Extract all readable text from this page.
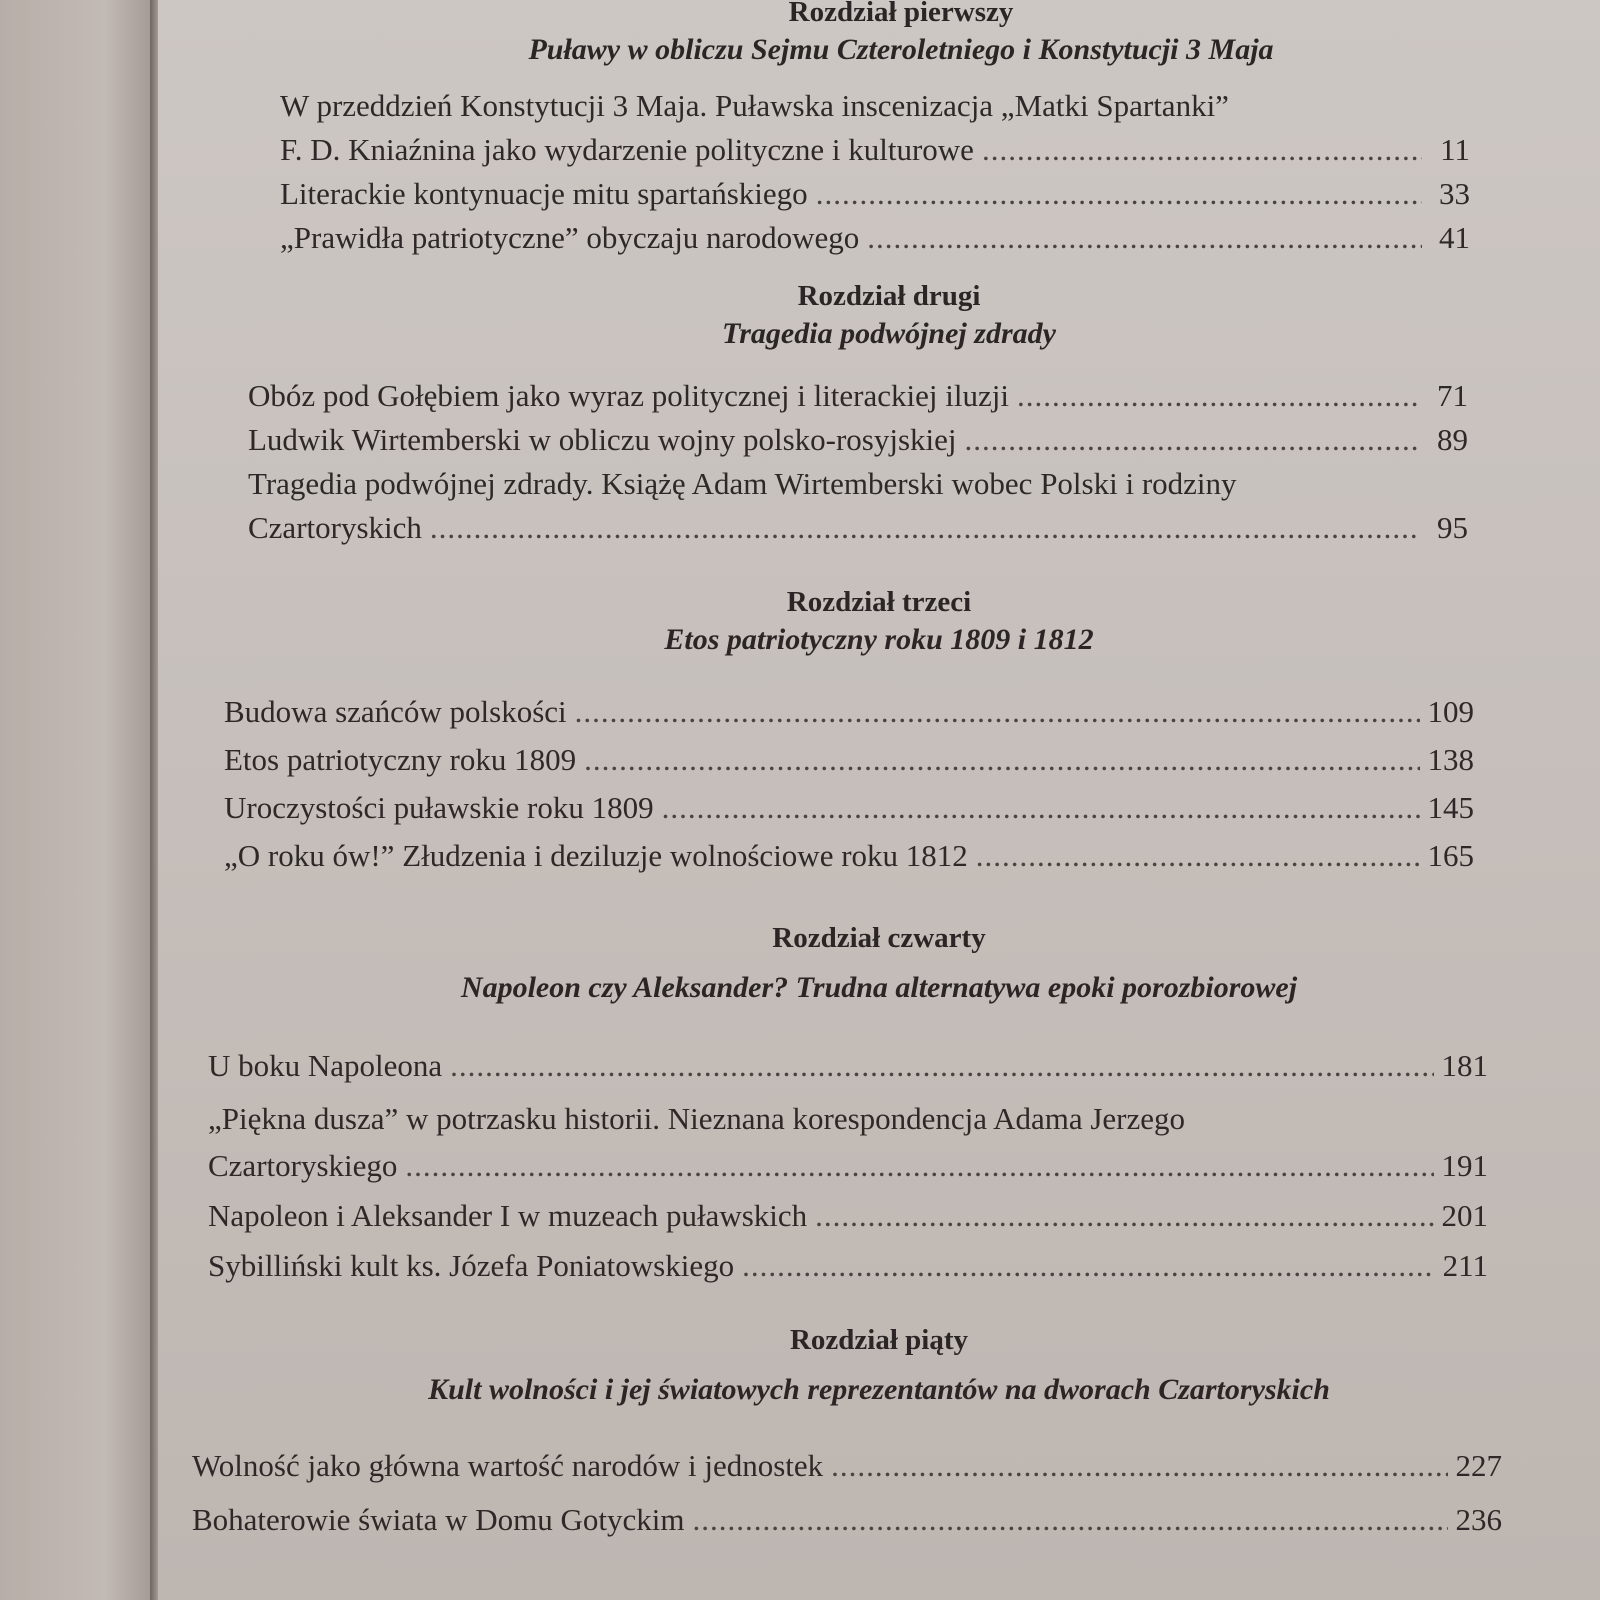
Rozdział pierwszy
Puławy w obliczu Sejmu Czteroletniego i Konstytucji 3 Maja
W przeddzień Konstytucji 3 Maja. Puławska inscenizacja „Matki Spartanki”
F. D. Kniaźnina jako wydarzenie polityczne i kulturowe .....	11
Literackie kontynuacje mitu spartańskiego .....	33
„Prawidła patriotyczne” obyczaju narodowego .....	41
Rozdział drugi
Tragedia podwójnej zdrady
Obóz pod Gołębiem jako wyraz politycznej i literackiej iluzji .....	71
Ludwik Wirtemberski w obliczu wojny polsko-rosyjskiej .....	89
Tragedia podwójnej zdrady. Książę Adam Wirtemberski wobec Polski i rodziny
Czartoryskich .....	95
Rozdział trzeci
Etos patriotyczny roku 1809 i 1812
Budowa szańców polskości .....	109
Etos patriotyczny roku 1809 .....	138
Uroczystości puławskie roku 1809 .....	145
„O roku ów!” Złudzenia i deziluzje wolnościowe roku 1812 .....	165
Rozdział czwarty
Napoleon czy Aleksander? Trudna alternatywa epoki porozbiorowej
U boku Napoleona .....	181
„Piękna dusza” w potrzasku historii. Nieznana korespondencja Adama Jerzego
Czartoryskiego .....	191
Napoleon i Aleksander I w muzeach puławskich .....	201
Sybilliński kult ks. Józefa Poniatowskiego .....	211
Rozdział piąty
Kult wolności i jej światowych reprezentantów na dworach Czartoryskich
Wolność jako główna wartość narodów i jednostek .....	227
Bohaterowie świata w Domu Gotyckim .....	236
